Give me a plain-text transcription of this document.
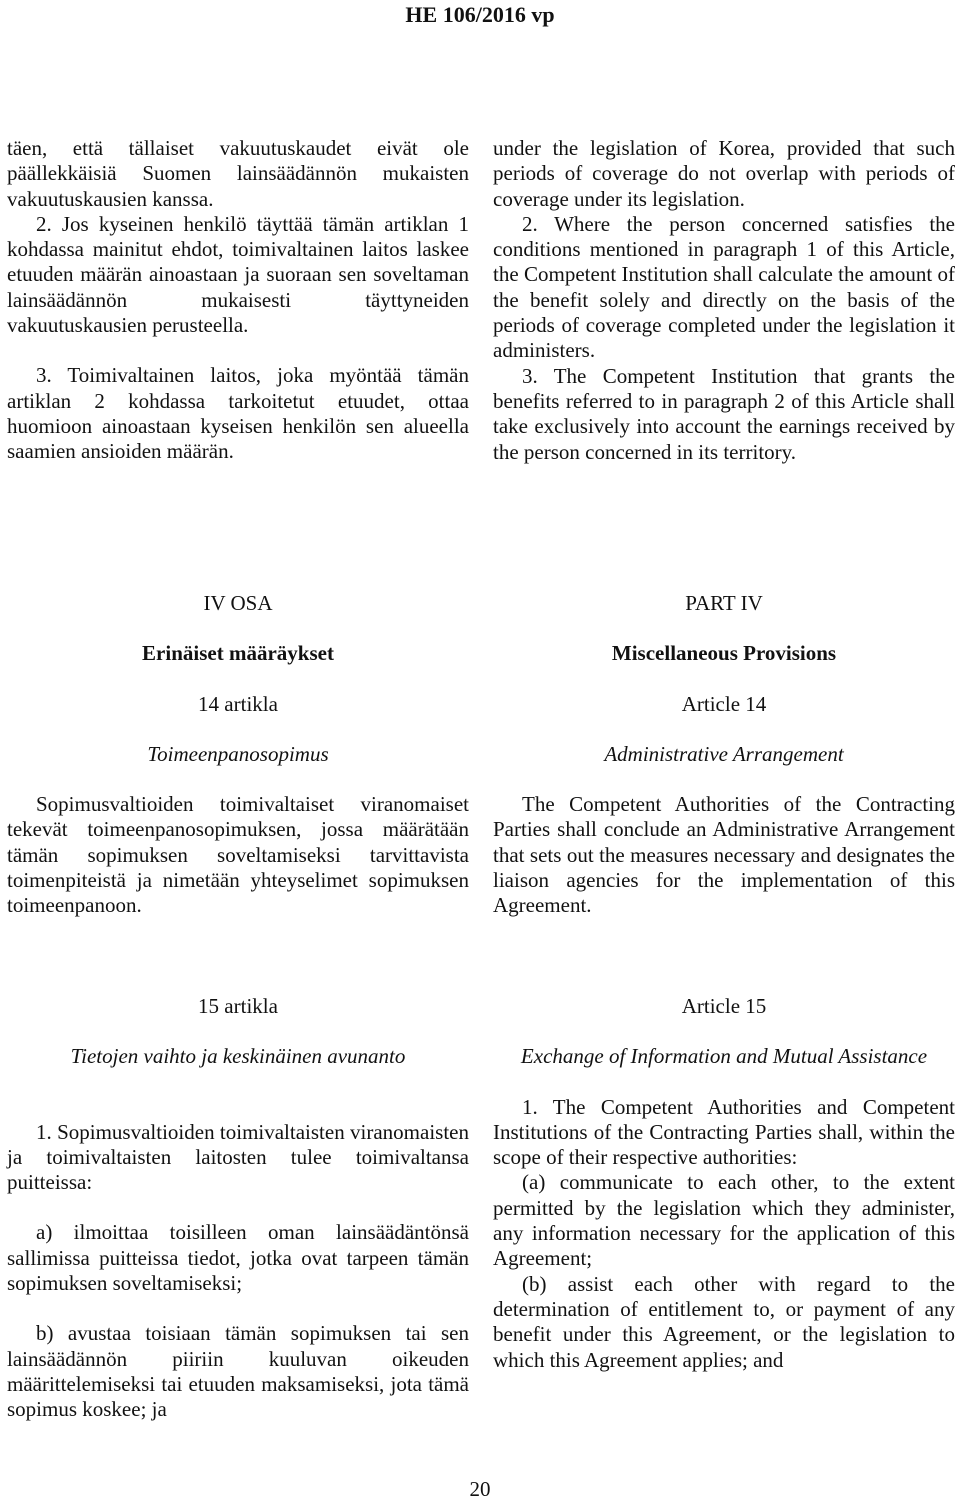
HE 106/2016 vp

täen, että tällaiset vakuutuskaudet eivät ole päällekkäisiä Suomen lainsäädännön mukaisten vakuutuskausien kanssa.

2. Jos kyseinen henkilö täyttää tämän artiklan 1 kohdassa mainitut ehdot, toimivaltainen laitos laskee etuuden määrän ainoastaan ja suoraan sen soveltaman lainsäädännön mukaisesti täyttyneiden vakuutuskausien perusteella.

3. Toimivaltainen laitos, joka myöntää tämän artiklan 2 kohdassa tarkoitetut etuudet, ottaa huomioon ainoastaan kyseisen henkilön sen alueella saamien ansioiden määrän.

under the legislation of Korea, provided that such periods of coverage do not overlap with periods of coverage under its legislation.

2. Where the person concerned satisfies the conditions mentioned in paragraph 1 of this Article, the Competent Institution shall calculate the amount of the benefit solely and directly on the basis of the periods of coverage completed under the legislation it administers.

3. The Competent Institution that grants the benefits referred to in paragraph 2 of this Article shall take exclusively into account the earnings received by the person concerned in its territory.

IV OSA

Erinäiset määräykset

14 artikla

Toimeenpanosopimus

PART IV

Miscellaneous Provisions

Article 14

Administrative Arrangement

Sopimusvaltioiden toimivaltaiset viranomaiset tekevät toimeenpanosopimuksen, jossa määrätään tämän sopimuksen soveltamiseksi tarvittavista toimenpiteistä ja nimetään yhteyselimet sopimuksen toimeenpanoon.

The Competent Authorities of the Contracting Parties shall conclude an Administrative Arrangement that sets out the measures necessary and designates the liaison agencies for the implementation of this Agreement.

15 artikla

Tietojen vaihto ja keskinäinen avunanto

1. Sopimusvaltioiden toimivaltaisten viranomaisten ja toimivaltaisten laitosten tulee toimivaltansa puitteissa:

a) ilmoittaa toisilleen oman lainsäädäntönsä sallimissa puitteissa tiedot, jotka ovat tarpeen tämän sopimuksen soveltamiseksi;

b) avustaa toisiaan tämän sopimuksen tai sen lainsäädännön piiriin kuuluvan oikeuden määrittelemiseksi tai etuuden maksamiseksi, jota tämä sopimus koskee; ja

Article 15

Exchange of Information and Mutual Assistance

1. The Competent Authorities and Competent Institutions of the Contracting Parties shall, within the scope of their respective authorities:

(a) communicate to each other, to the extent permitted by the legislation which they administer, any information necessary for the application of this Agreement;

(b) assist each other with regard to the determination of entitlement to, or payment of any benefit under this Agreement, or the legislation to which this Agreement applies; and

20
